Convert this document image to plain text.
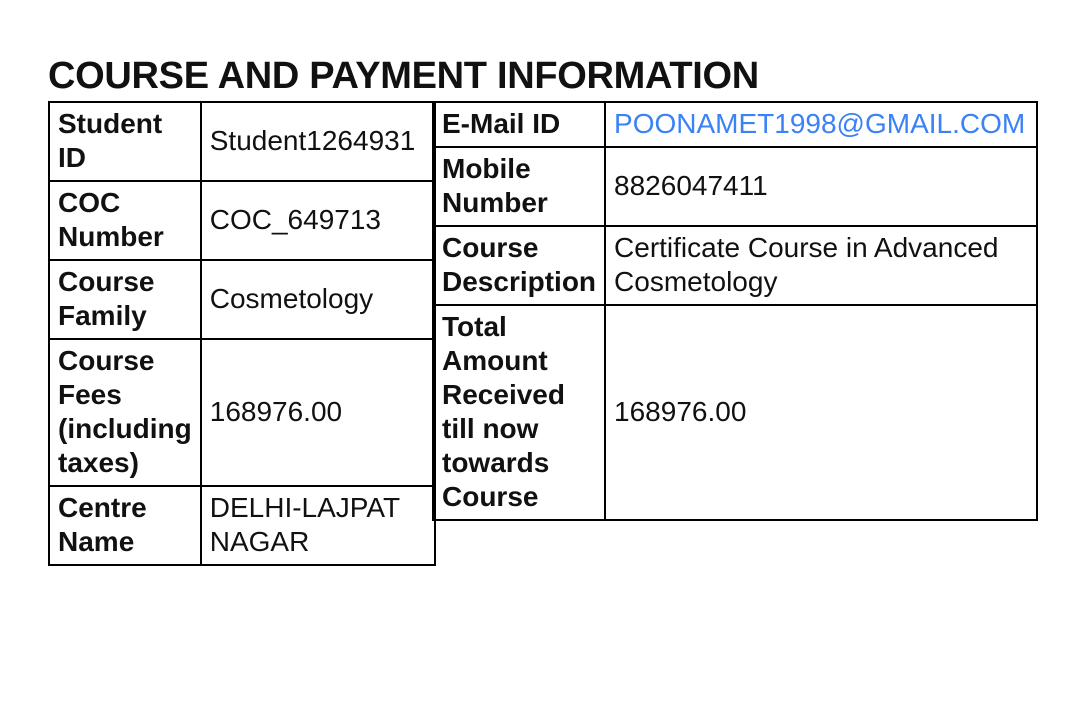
COURSE AND PAYMENT INFORMATION
Student ID	Student1264931
COC Number	COC_649713
Course Family	Cosmetology
Course Fees (including taxes)	168976.00
Centre Name	DELHI-LAJPAT NAGAR
E-Mail ID	POONAMET1998@GMAIL.COM
Mobile Number	8826047411
Course Description	Certificate Course in Advanced Cosmetology
Total Amount Received till now towards Course	168976.00
